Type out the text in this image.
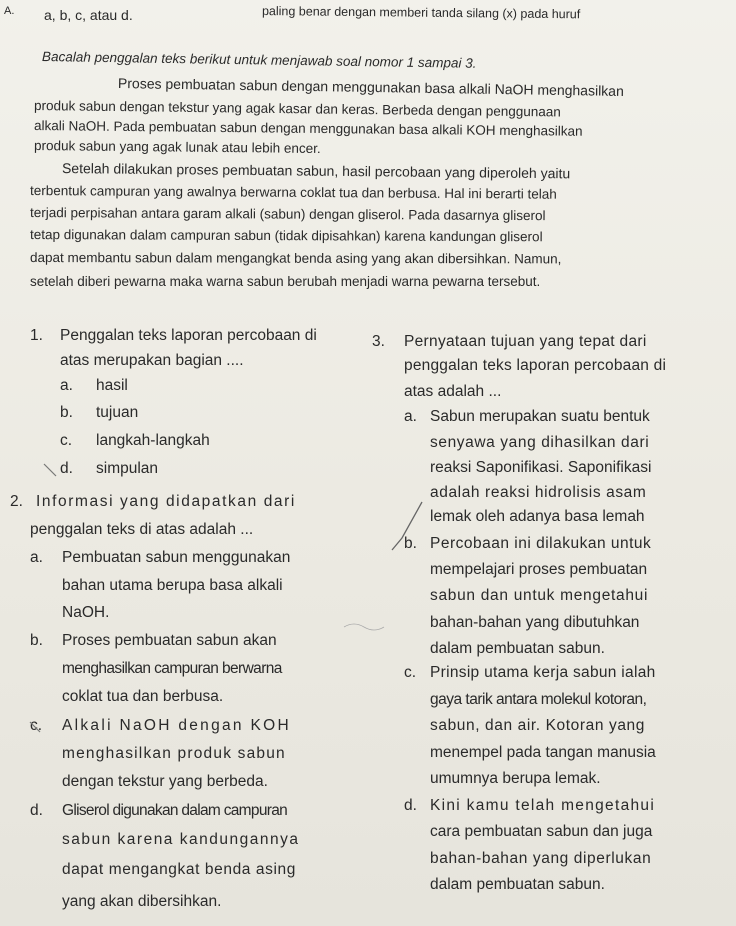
A. a, b, c, atau d.	paling benar dengan memberi tanda silang (x) pada huruf
Bacalah penggalan teks berikut untuk menjawab soal nomor 1 sampai 3.
Proses pembuatan sabun dengan menggunakan basa alkali NaOH menghasilkan
produk sabun dengan tekstur yang agak kasar dan keras. Berbeda dengan penggunaan
alkali NaOH. Pada pembuatan sabun dengan menggunakan basa alkali KOH menghasilkan
produk sabun yang agak lunak atau lebih encer.
Setelah dilakukan proses pembuatan sabun, hasil percobaan yang diperoleh yaitu
terbentuk campuran yang awalnya berwarna coklat tua dan berbusa. Hal ini berarti telah
terjadi perpisahan antara garam alkali (sabun) dengan gliserol. Pada dasarnya gliserol
tetap digunakan dalam campuran sabun (tidak dipisahkan) karena kandungan gliserol
dapat membantu sabun dalam mengangkat benda asing yang akan dibersihkan. Namun,
setelah diberi pewarna maka warna sabun berubah menjadi warna pewarna tersebut.
1. Penggalan teks laporan percobaan di
atas merupakan bagian ....
a. hasil
b. tujuan
c. langkah-langkah
d. simpulan
2. Informasi yang didapatkan dari
penggalan teks di atas adalah ...
a. Pembuatan sabun menggunakan
bahan utama berupa basa alkali
NaOH.
b. Proses pembuatan sabun akan
menghasilkan campuran berwarna
coklat tua dan berbusa.
c. Alkali NaOH dengan KOH
menghasilkan produk sabun
dengan tekstur yang berbeda.
d. Gliserol digunakan dalam campuran
sabun karena kandungannya
dapat mengangkat benda asing
yang akan dibersihkan.
3. Pernyataan tujuan yang tepat dari
penggalan teks laporan percobaan di
atas adalah ...
a. Sabun merupakan suatu bentuk
senyawa yang dihasilkan dari
reaksi Saponifikasi. Saponifikasi
adalah reaksi hidrolisis asam
lemak oleh adanya basa lemah
b. Percobaan ini dilakukan untuk
mempelajari proses pembuatan
sabun dan untuk mengetahui
bahan-bahan yang dibutuhkan
dalam pembuatan sabun.
c. Prinsip utama kerja sabun ialah
gaya tarik antara molekul kotoran,
sabun, dan air. Kotoran yang
menempel pada tangan manusia
umumnya berupa lemak.
d. Kini kamu telah mengetahui
cara pembuatan sabun dan juga
bahan-bahan yang diperlukan
dalam pembuatan sabun.
